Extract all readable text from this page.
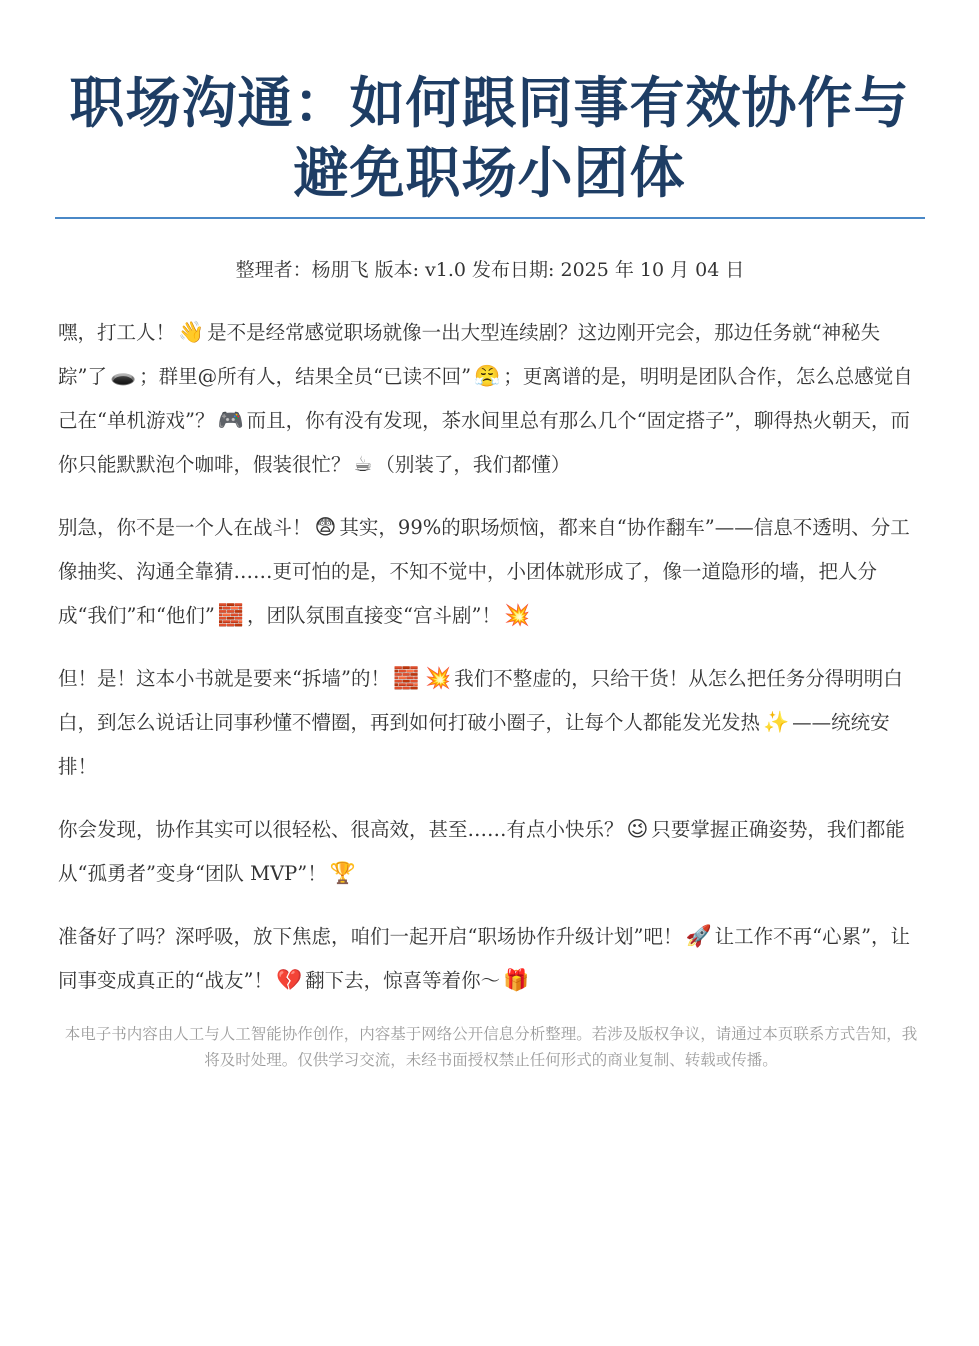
职场沟通：如何跟同事有效协作与
避免职场小团体
整理者：杨朋飞 版本: v1.0 发布日期: 2025 年 10 月 04 日

嘿，打工人！ 👋 是不是经常感觉职场就像一出大型连续剧？这边刚开完会，那边任务就“神秘失踪”了 🕳️ ；群里@所有人，结果全员“已读不回” 😤 ；更离谱的是，明明是团队合作，怎么总感觉自己在“单机游戏”？ 🎮 而且，你有没有发现，茶水间里总有那么几个“固定搭子”，聊得热火朝天，而你只能默默泡个咖啡，假装很忙？ ☕ （别装了，我们都懂）

别急，你不是一个人在战斗！ 😨 其实，99%的职场烦恼，都来自“协作翻车”——信息不透明、分工像抽奖、沟通全靠猜……更可怕的是，不知不觉中，小团体就形成了，像一道隐形的墙，把人分成“我们”和“他们” 🧱 ，团队氛围直接变“宫斗剧”！ 💥

但！是！这本小书就是要来“拆墙”的！ 🧱 💥 我们不整虚的，只给干货！从怎么把任务分得明明白白，到怎么说话让同事秒懂不懵圈，再到如何打破小圈子，让每个人都能发光发热 ✨ ——统统安排！

你会发现，协作其实可以很轻松、很高效，甚至……有点小快乐？ 😉 只要掌握正确姿势，我们都能从“孤勇者”变身“团队 MVP”！ 🏆

准备好了吗？深呼吸，放下焦虑，咱们一起开启“职场协作升级计划”吧！ 🚀 让工作不再“心累”，让同事变成真正的“战友”！ 💔 翻下去，惊喜等着你～ 🎁

本电子书内容由人工与人工智能协作创作，内容基于网络公开信息分析整理。若涉及版权争议，请通过本页联系方式告知，我将及时处理。仅供学习交流，未经书面授权禁止任何形式的商业复制、转载或传播。
